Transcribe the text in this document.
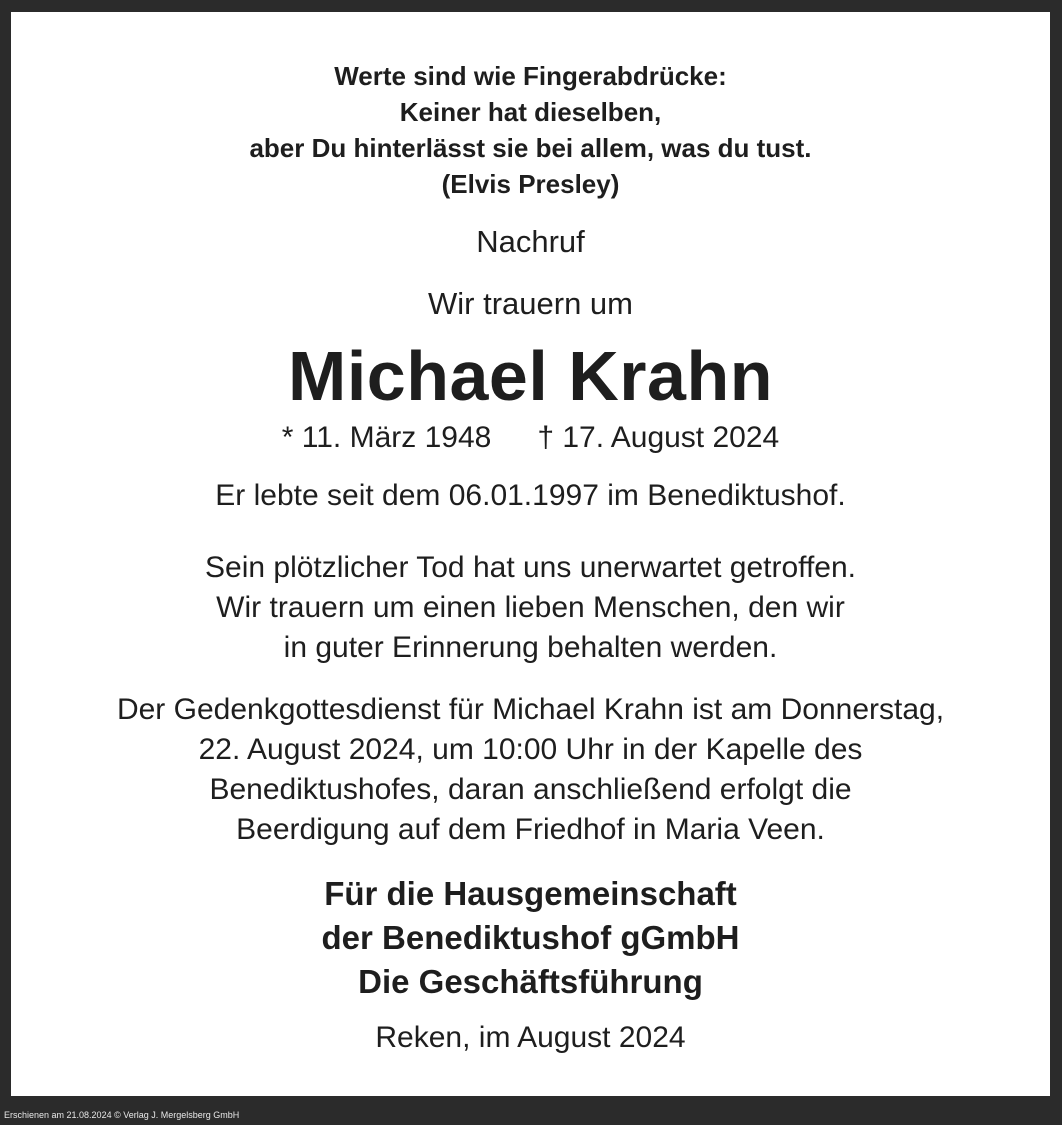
Werte sind wie Fingerabdrücke:
Keiner hat dieselben,
aber Du hinterlässt sie bei allem, was du tust.
(Elvis Presley)
Nachruf
Wir trauern um
Michael Krahn
* 11. März 1948 † 17. August 2024
Er lebte seit dem 06.01.1997 im Benediktushof.
Sein plötzlicher Tod hat uns unerwartet getroffen.
Wir trauern um einen lieben Menschen, den wir
in guter Erinnerung behalten werden.
Der Gedenkgottesdienst für Michael Krahn ist am Donnerstag,
22. August 2024, um 10:00 Uhr in der Kapelle des
Benediktushofes, daran anschließend erfolgt die
Beerdigung auf dem Friedhof in Maria Veen.
Für die Hausgemeinschaft
der Benediktushof gGmbH
Die Geschäftsführung
Reken, im August 2024
Erschienen am 21.08.2024 © Verlag J. Mergelsberg GmbH
